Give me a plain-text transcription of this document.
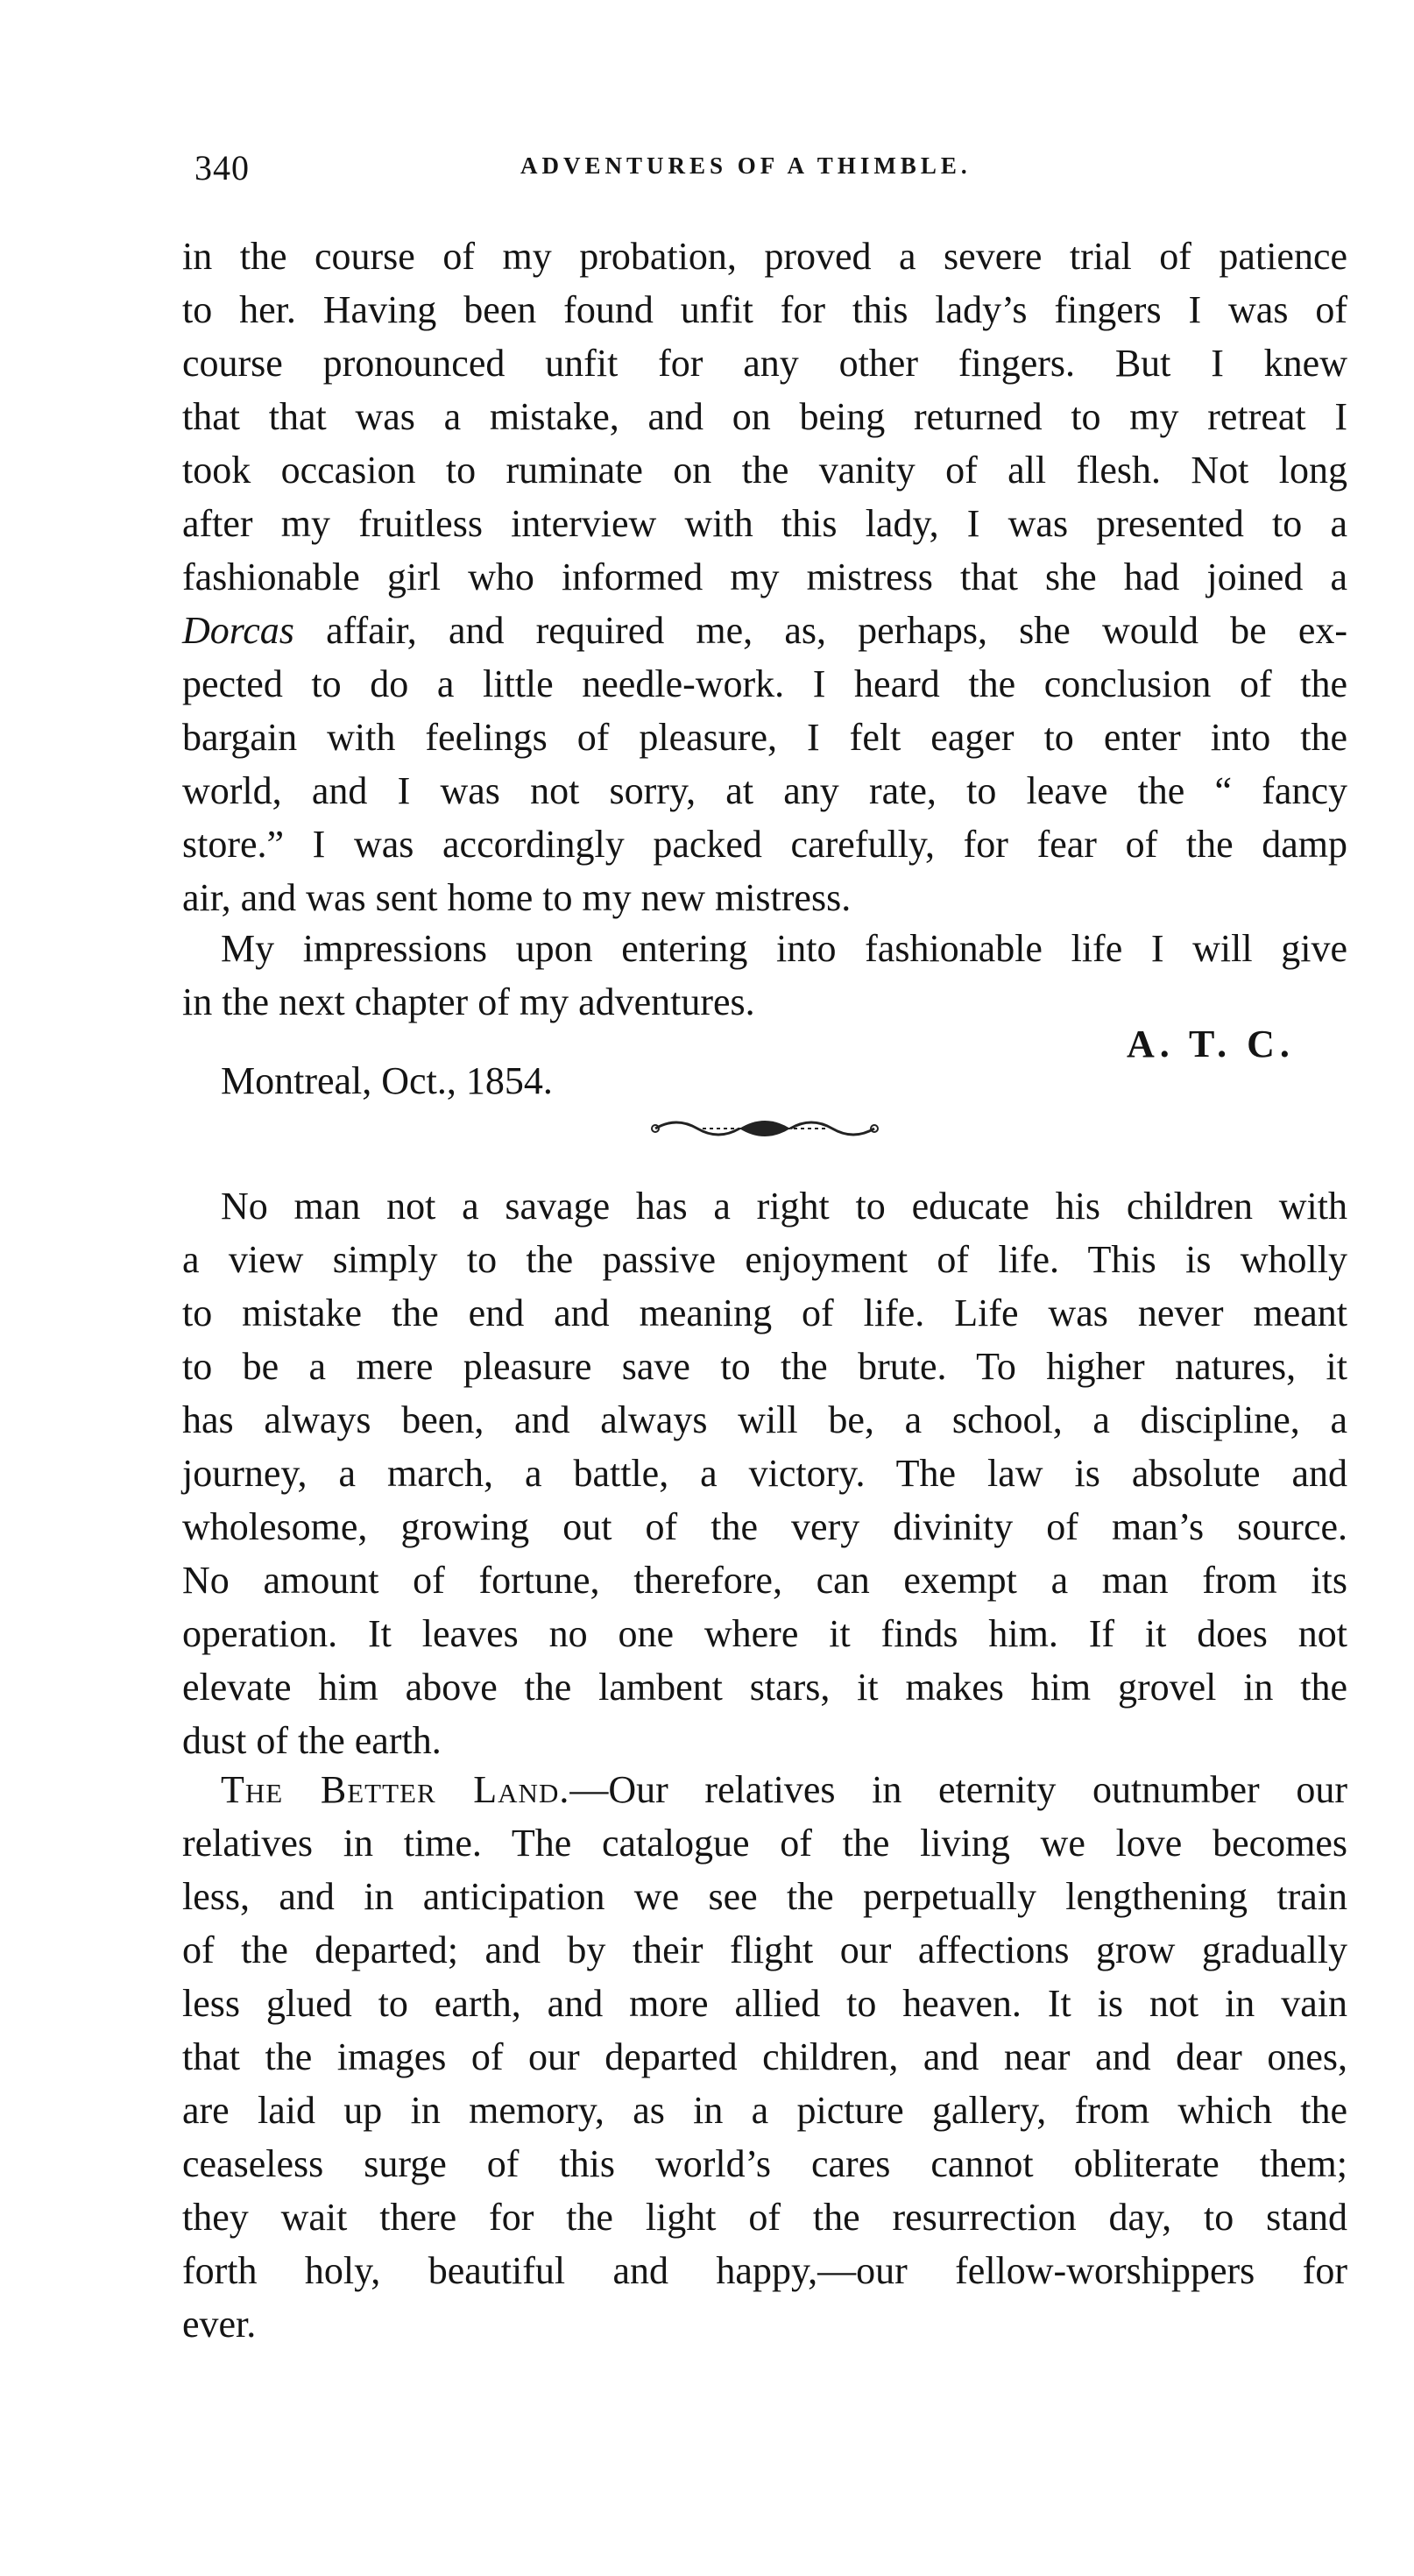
340	ADVENTURES OF A THIMBLE.
in the course of my probation, proved a severe trial of patience
to her. Having been found unfit for this lady’s fingers I was of
course pronounced unfit for any other fingers. But I knew
that that was a mistake, and on being returned to my retreat I
took occasion to ruminate on the vanity of all flesh. Not long
after my fruitless interview with this lady, I was presented to a
fashionable girl who informed my mistress that she had joined a
Dorcas affair, and required me, as, perhaps, she would be ex-
pected to do a little needle-work. I heard the conclusion of the
bargain with feelings of pleasure, I felt eager to enter into the
world, and I was not sorry, at any rate, to leave the “ fancy
store.” I was accordingly packed carefully, for fear of the damp
air, and was sent home to my new mistress.
My impressions upon entering into fashionable life I will give
in the next chapter of my adventures.
A. T. C.
Montreal, Oct., 1854.
No man not a savage has a right to educate his children with
a view simply to the passive enjoyment of life. This is wholly
to mistake the end and meaning of life. Life was never meant
to be a mere pleasure save to the brute. To higher natures, it
has always been, and always will be, a school, a discipline, a
journey, a march, a battle, a victory. The law is absolute and
wholesome, growing out of the very divinity of man’s source.
No amount of fortune, therefore, can exempt a man from its
operation. It leaves no one where it finds him. If it does not
elevate him above the lambent stars, it makes him grovel in the
dust of the earth.
The Better Land.—Our relatives in eternity outnumber our
relatives in time. The catalogue of the living we love becomes
less, and in anticipation we see the perpetually lengthening train
of the departed; and by their flight our affections grow gradually
less glued to earth, and more allied to heaven. It is not in vain
that the images of our departed children, and near and dear ones,
are laid up in memory, as in a picture gallery, from which the
ceaseless surge of this world’s cares cannot obliterate them;
they wait there for the light of the resurrection day, to stand
forth holy, beautiful and happy,—our fellow-worshippers for
ever.
